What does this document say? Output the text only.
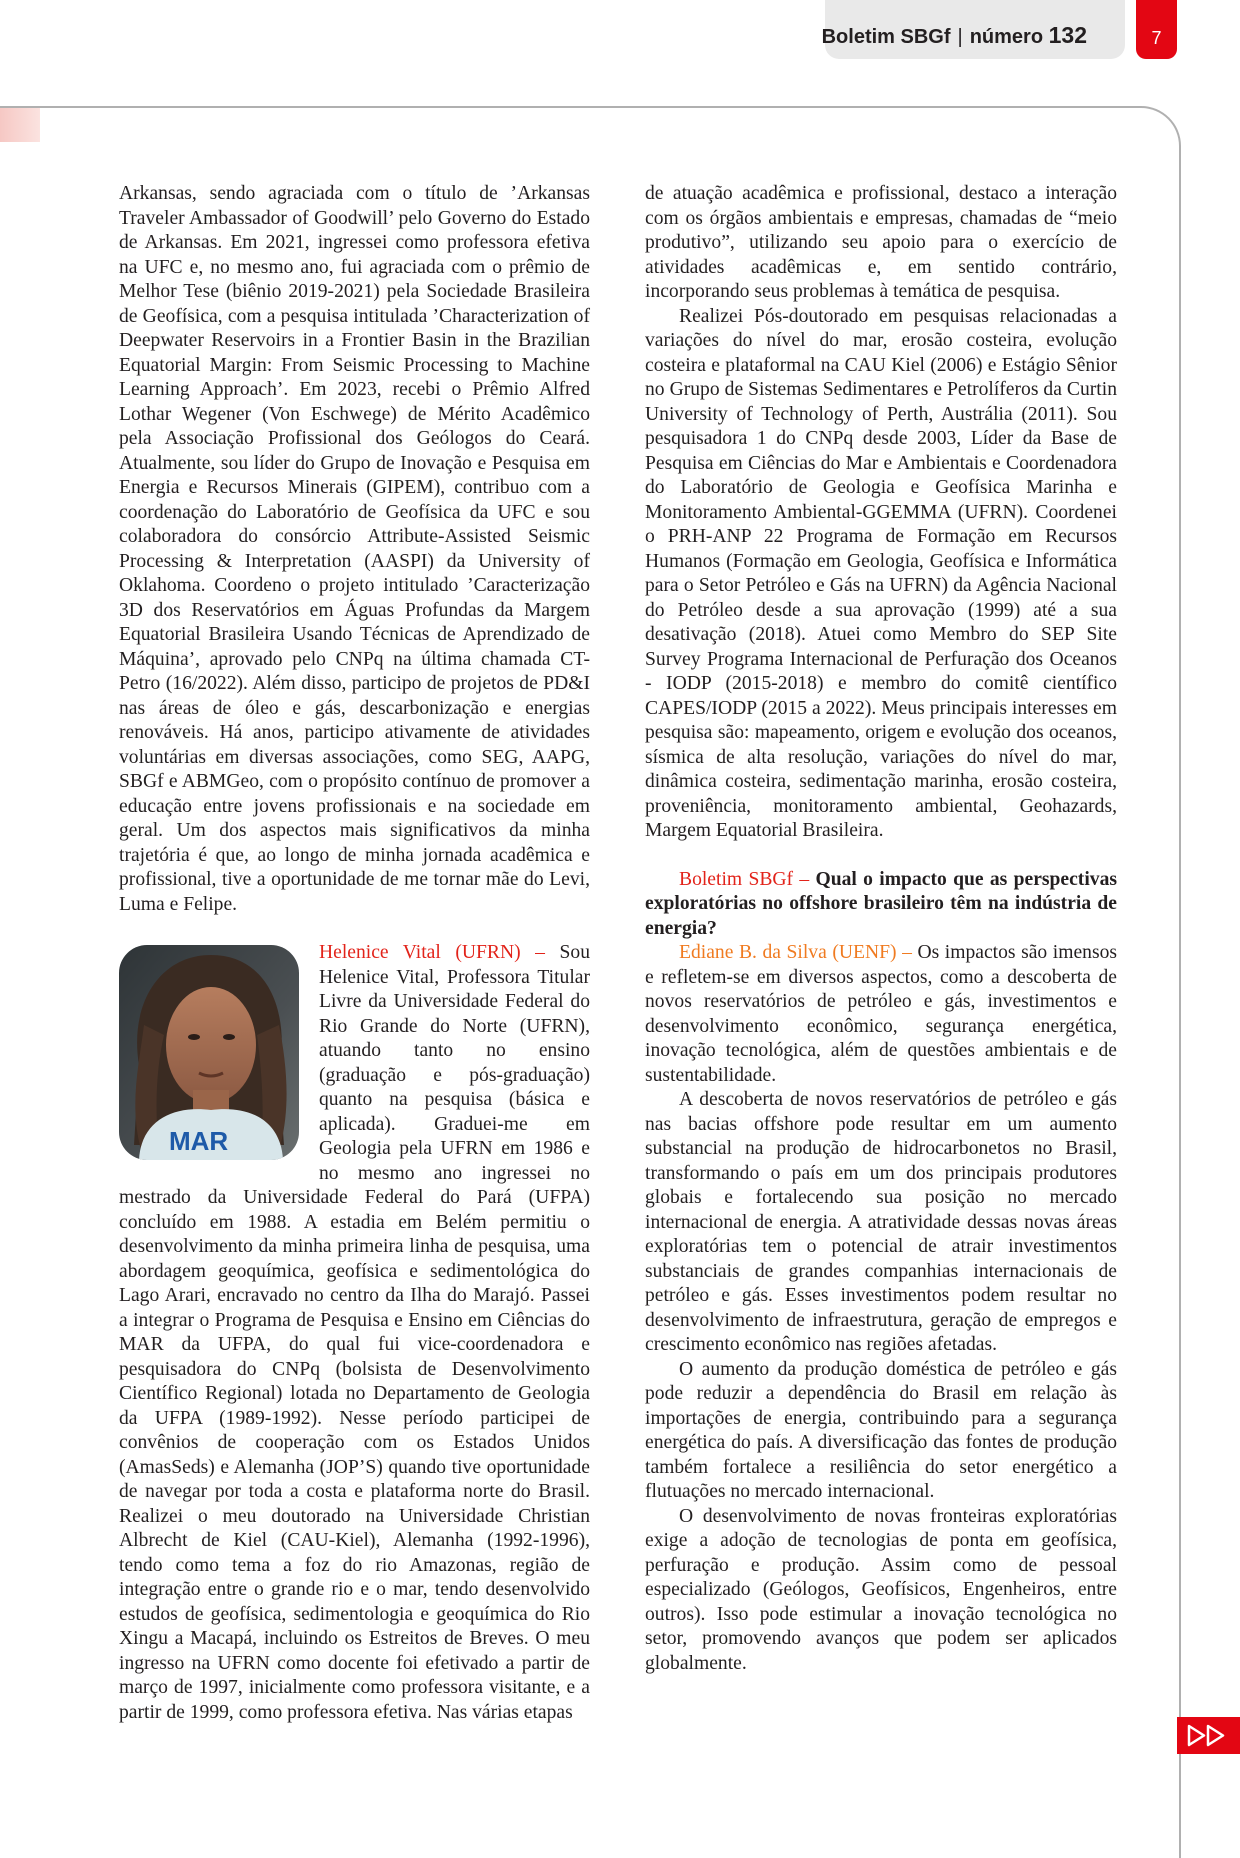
Boletim SBGf | número 132	7

Arkansas, sendo agraciada com o título de ’Arkansas Traveler Ambassador of Goodwill’ pelo Governo do Estado de Arkansas. Em 2021, ingressei como professora efetiva na UFC e, no mesmo ano, fui agraciada com o prêmio de Melhor Tese (biênio 2019-2021) pela Sociedade Brasileira de Geofísica, com a pesquisa intitulada ’Characterization of Deepwater Reservoirs in a Frontier Basin in the Brazilian Equatorial Margin: From Seismic Processing to Machine Learning Approach’. Em 2023, recebi o Prêmio Alfred Lothar Wegener (Von Eschwege) de Mérito Acadêmico pela Associação Profissional dos Geólogos do Ceará. Atualmente, sou líder do Grupo de Inovação e Pesquisa em Energia e Recursos Minerais (GIPEM), contribuo com a coordenação do Laboratório de Geofísica da UFC e sou colaboradora do consórcio Attribute-Assisted Seismic Processing & Interpretation (AASPI) da University of Oklahoma. Coordeno o projeto intitulado ’Caracterização 3D dos Reservatórios em Águas Profundas da Margem Equatorial Brasileira Usando Técnicas de Aprendizado de Máquina’, aprovado pelo CNPq na última chamada CT-Petro (16/2022). Além disso, participo de projetos de PD&I nas áreas de óleo e gás, descarbonização e energias renováveis. Há anos, participo ativamente de atividades voluntárias em diversas associações, como SEG, AAPG, SBGf e ABMGeo, com o propósito contínuo de promover a educação entre jovens profissionais e na sociedade em geral. Um dos aspectos mais significativos da minha trajetória é que, ao longo de minha jornada acadêmica e profissional, tive a oportunidade de me tornar mãe do Levi, Luma e Felipe.

MAR

Helenice Vital (UFRN) – Sou Helenice Vital, Professora Titular Livre da Universidade Federal do Rio Grande do Norte (UFRN), atuando tanto no ensino (graduação e pós-graduação) quanto na pesquisa (básica e aplicada). Graduei-me em Geologia pela UFRN em 1986 e no mesmo ano ingressei no mestrado da Universidade Federal do Pará (UFPA) concluído em 1988. A estadia em Belém permitiu o desenvolvimento da minha primeira linha de pesquisa, uma abordagem geoquímica, geofísica e sedimentológica do Lago Arari, encravado no centro da Ilha do Marajó. Passei a integrar o Programa de Pesquisa e Ensino em Ciências do MAR da UFPA, do qual fui vice-coordenadora e pesquisadora do CNPq (bolsista de Desenvolvimento Científico Regional) lotada no Departamento de Geologia da UFPA (1989-1992). Nesse período participei de convênios de cooperação com os Estados Unidos (AmasSeds) e Alemanha (JOP’S) quando tive oportunidade de navegar por toda a costa e plataforma norte do Brasil. Realizei o meu doutorado na Universidade Christian Albrecht de Kiel (CAU-Kiel), Alemanha (1992-1996), tendo como tema a foz do rio Amazonas, região de integração entre o grande rio e o mar, tendo desenvolvido estudos de geofísica, sedimentologia e geoquímica do Rio Xingu a Macapá, incluindo os Estreitos de Breves. O meu ingresso na UFRN como docente foi efetivado a partir de março de 1997, inicialmente como professora visitante, e a partir de 1999, como professora efetiva. Nas várias etapas

de atuação acadêmica e profissional, destaco a interação com os órgãos ambientais e empresas, chamadas de “meio produtivo”, utilizando seu apoio para o exercício de atividades acadêmicas e, em sentido contrário, incorporando seus problemas à temática de pesquisa.

Realizei Pós-doutorado em pesquisas relacionadas a variações do nível do mar, erosão costeira, evolução costeira e plataformal na CAU Kiel (2006) e Estágio Sênior no Grupo de Sistemas Sedimentares e Petrolíferos da Curtin University of Technology of Perth, Austrália (2011). Sou pesquisadora 1 do CNPq desde 2003, Líder da Base de Pesquisa em Ciências do Mar e Ambientais e Coordenadora do Laboratório de Geologia e Geofísica Marinha e Monitoramento Ambiental-GGEMMA (UFRN). Coordenei o PRH-ANP 22 Programa de Formação em Recursos Humanos (Formação em Geologia, Geofísica e Informática para o Setor Petróleo e Gás na UFRN) da Agência Nacional do Petróleo desde a sua aprovação (1999) até a sua desativação (2018). Atuei como Membro do SEP Site Survey Programa Internacional de Perfuração dos Oceanos - IODP (2015-2018) e membro do comitê científico CAPES/IODP (2015 a 2022). Meus principais interesses em pesquisa são: mapeamento, origem e evolução dos oceanos, sísmica de alta resolução, variações do nível do mar, dinâmica costeira, sedimentação marinha, erosão costeira, proveniência, monitoramento ambiental, Geohazards, Margem Equatorial Brasileira.

Boletim SBGf – Qual o impacto que as perspectivas exploratórias no offshore brasileiro têm na indústria de energia?

Ediane B. da Silva (UENF) – Os impactos são imensos e refletem-se em diversos aspectos, como a descoberta de novos reservatórios de petróleo e gás, investimentos e desenvolvimento econômico, segurança energética, inovação tecnológica, além de questões ambientais e de sustentabilidade.

A descoberta de novos reservatórios de petróleo e gás nas bacias offshore pode resultar em um aumento substancial na produção de hidrocarbonetos no Brasil, transformando o país em um dos principais produtores globais e fortalecendo sua posição no mercado internacional de energia. A atratividade dessas novas áreas exploratórias tem o potencial de atrair investimentos substanciais de grandes companhias internacionais de petróleo e gás. Esses investimentos podem resultar no desenvolvimento de infraestrutura, geração de empregos e crescimento econômico nas regiões afetadas.

O aumento da produção doméstica de petróleo e gás pode reduzir a dependência do Brasil em relação às importações de energia, contribuindo para a segurança energética do país. A diversificação das fontes de produção também fortalece a resiliência do setor energético a flutuações no mercado internacional.

O desenvolvimento de novas fronteiras exploratórias exige a adoção de tecnologias de ponta em geofísica, perfuração e produção. Assim como de pessoal especializado (Geólogos, Geofísicos, Engenheiros, entre outros). Isso pode estimular a inovação tecnológica no setor, promovendo avanços que podem ser aplicados globalmente.
